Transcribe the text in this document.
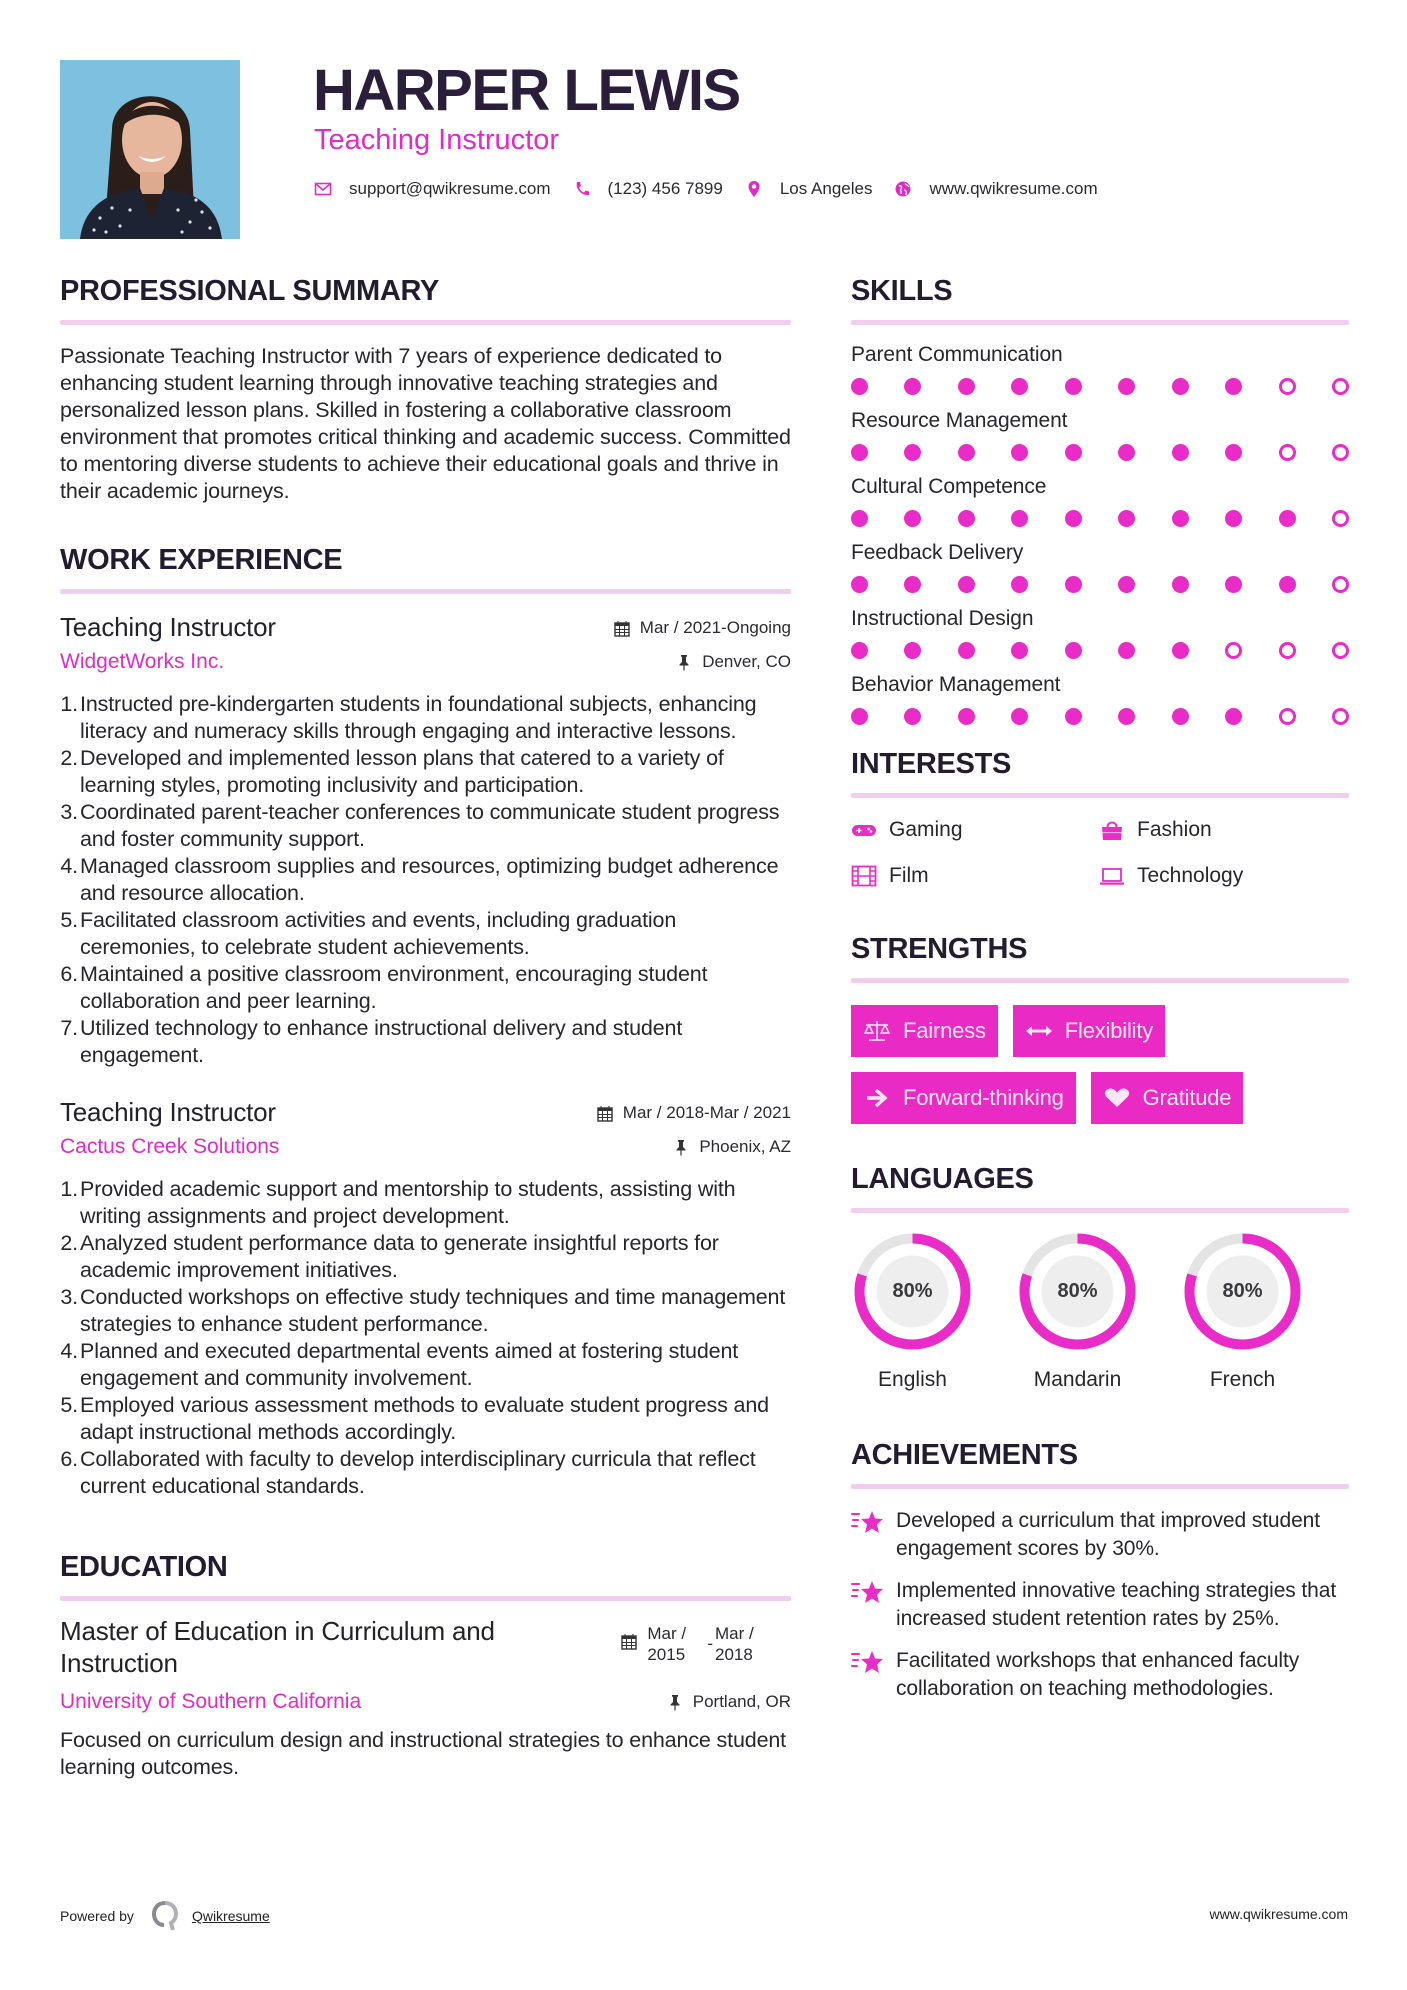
HARPER LEWIS
Teaching Instructor
support@qwikresume.com	(123) 456 7899	Los Angeles	www.qwikresume.com
PROFESSIONAL SUMMARY

Passionate Teaching Instructor with 7 years of experience dedicated to enhancing student learning through innovative teaching strategies and personalized lesson plans. Skilled in fostering a collaborative classroom environment that promotes critical thinking and academic success. Committed to mentoring diverse students to achieve their educational goals and thrive in their academic journeys.

WORK EXPERIENCE
Teaching Instructor	Mar / 2021-Ongoing
WidgetWorks Inc.	Denver, CO
1. Instructed pre-kindergarten students in foundational subjects, enhancing literacy and numeracy skills through engaging and interactive lessons.
2. Developed and implemented lesson plans that catered to a variety of learning styles, promoting inclusivity and participation.
3. Coordinated parent-teacher conferences to communicate student progress and foster community support.
4. Managed classroom supplies and resources, optimizing budget adherence and resource allocation.
5. Facilitated classroom activities and events, including graduation ceremonies, to celebrate student achievements.
6. Maintained a positive classroom environment, encouraging student collaboration and peer learning.
7. Utilized technology to enhance instructional delivery and student engagement.
Teaching Instructor	Mar / 2018-Mar / 2021
Cactus Creek Solutions	Phoenix, AZ
1. Provided academic support and mentorship to students, assisting with writing assignments and project development.
2. Analyzed student performance data to generate insightful reports for academic improvement initiatives.
3. Conducted workshops on effective study techniques and time management strategies to enhance student performance.
4. Planned and executed departmental events aimed at fostering student engagement and community involvement.
5. Employed various assessment methods to evaluate student progress and adapt instructional methods accordingly.
6. Collaborated with faculty to develop interdisciplinary curricula that reflect current educational standards.
EDUCATION
Master of Education in Curriculum and Instruction
Mar /
2015
-
Mar /
2018
University of Southern California	Portland, OR

Focused on curriculum design and instructional strategies to enhance student learning outcomes.

SKILLS
Parent Communication
Resource Management
Cultural Competence
Feedback Delivery
Instructional Design
Behavior Management
INTERESTS
Gaming	Fashion
Film	Technology
STRENGTHS
Fairness	Flexibility
Forward-thinking	Gratitude
LANGUAGES
80%
English
80%
Mandarin
80%
French
ACHIEVEMENTS
Developed a curriculum that improved student engagement scores by 30%.
Implemented innovative teaching strategies that increased student retention rates by 25%.
Facilitated workshops that enhanced faculty collaboration on teaching methodologies.
Powered by	Qwikresume	www.qwikresume.com
